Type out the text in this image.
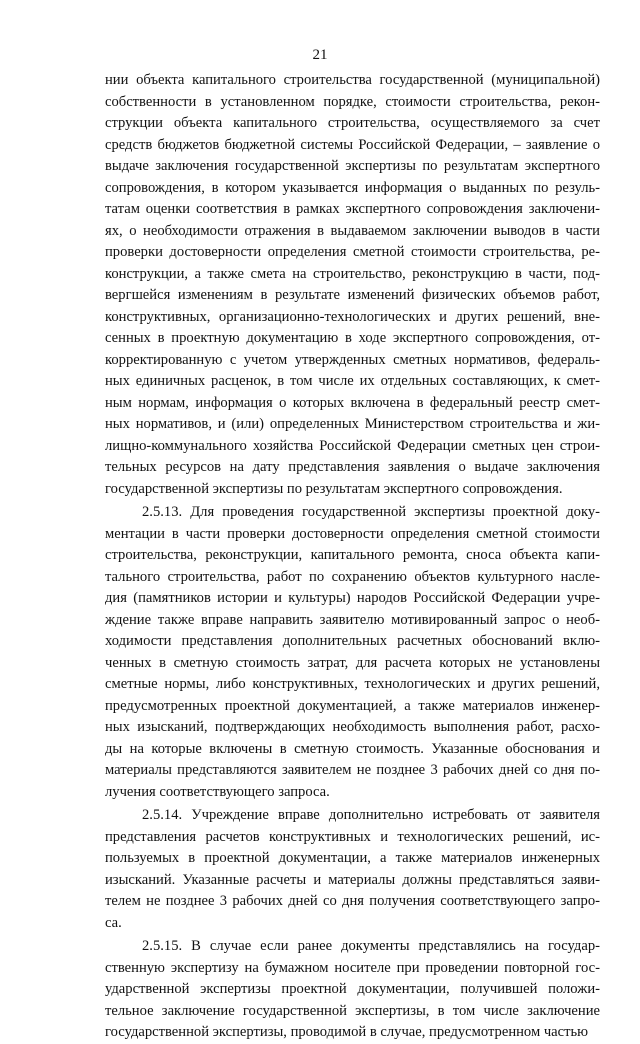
21
нии объекта капитального строительства государственной (муниципальной)
собственности в установленном порядке, стоимости строительства, рекон-
струкции объекта капитального строительства, осуществляемого за счет
средств бюджетов бюджетной системы Российской Федерации, – заявление о
выдаче заключения государственной экспертизы по результатам экспертного
сопровождения, в котором указывается информация о выданных по резуль-
татам оценки соответствия в рамках экспертного сопровождения заключени-
ях, о необходимости отражения в выдаваемом заключении выводов в части
проверки достоверности определения сметной стоимости строительства, ре-
конструкции, а также смета на строительство, реконструкцию в части, под-
вергшейся изменениям в результате изменений физических объемов работ,
конструктивных, организационно-технологических и других решений, вне-
сенных в проектную документацию в ходе экспертного сопровождения, от-
корректированную с учетом утвержденных сметных нормативов, федераль-
ных единичных расценок, в том числе их отдельных составляющих, к смет-
ным нормам, информация о которых включена в федеральный реестр смет-
ных нормативов, и (или) определенных Министерством строительства и жи-
лищно-коммунального хозяйства Российской Федерации сметных цен строи-
тельных ресурсов на дату представления заявления о выдаче заключения
государственной экспертизы по результатам экспертного сопровождения.
2.5.13. Для проведения государственной экспертизы проектной доку-
ментации в части проверки достоверности определения сметной стоимости
строительства, реконструкции, капитального ремонта, сноса объекта капи-
тального строительства, работ по сохранению объектов культурного насле-
дия (памятников истории и культуры) народов Российской Федерации учре-
ждение также вправе направить заявителю мотивированный запрос о необ-
ходимости представления дополнительных расчетных обоснований вклю-
ченных в сметную стоимость затрат, для расчета которых не установлены
сметные нормы, либо конструктивных, технологических и других решений,
предусмотренных проектной документацией, а также материалов инженер-
ных изысканий, подтверждающих необходимость выполнения работ, расхо-
ды на которые включены в сметную стоимость. Указанные обоснования и
материалы представляются заявителем не позднее 3 рабочих дней со дня по-
лучения соответствующего запроса.
2.5.14. Учреждение вправе дополнительно истребовать от заявителя
представления расчетов конструктивных и технологических решений, ис-
пользуемых в проектной документации, а также материалов инженерных
изысканий. Указанные расчеты и материалы должны представляться заяви-
телем не позднее 3 рабочих дней со дня получения соответствующего запро-
са.
2.5.15. В случае если ранее документы представлялись на государ-
ственную экспертизу на бумажном носителе при проведении повторной гос-
ударственной экспертизы проектной документации, получившей положи-
тельное заключение государственной экспертизы, в том числе заключение
государственной экспертизы, проводимой в случае, предусмотренном частью
